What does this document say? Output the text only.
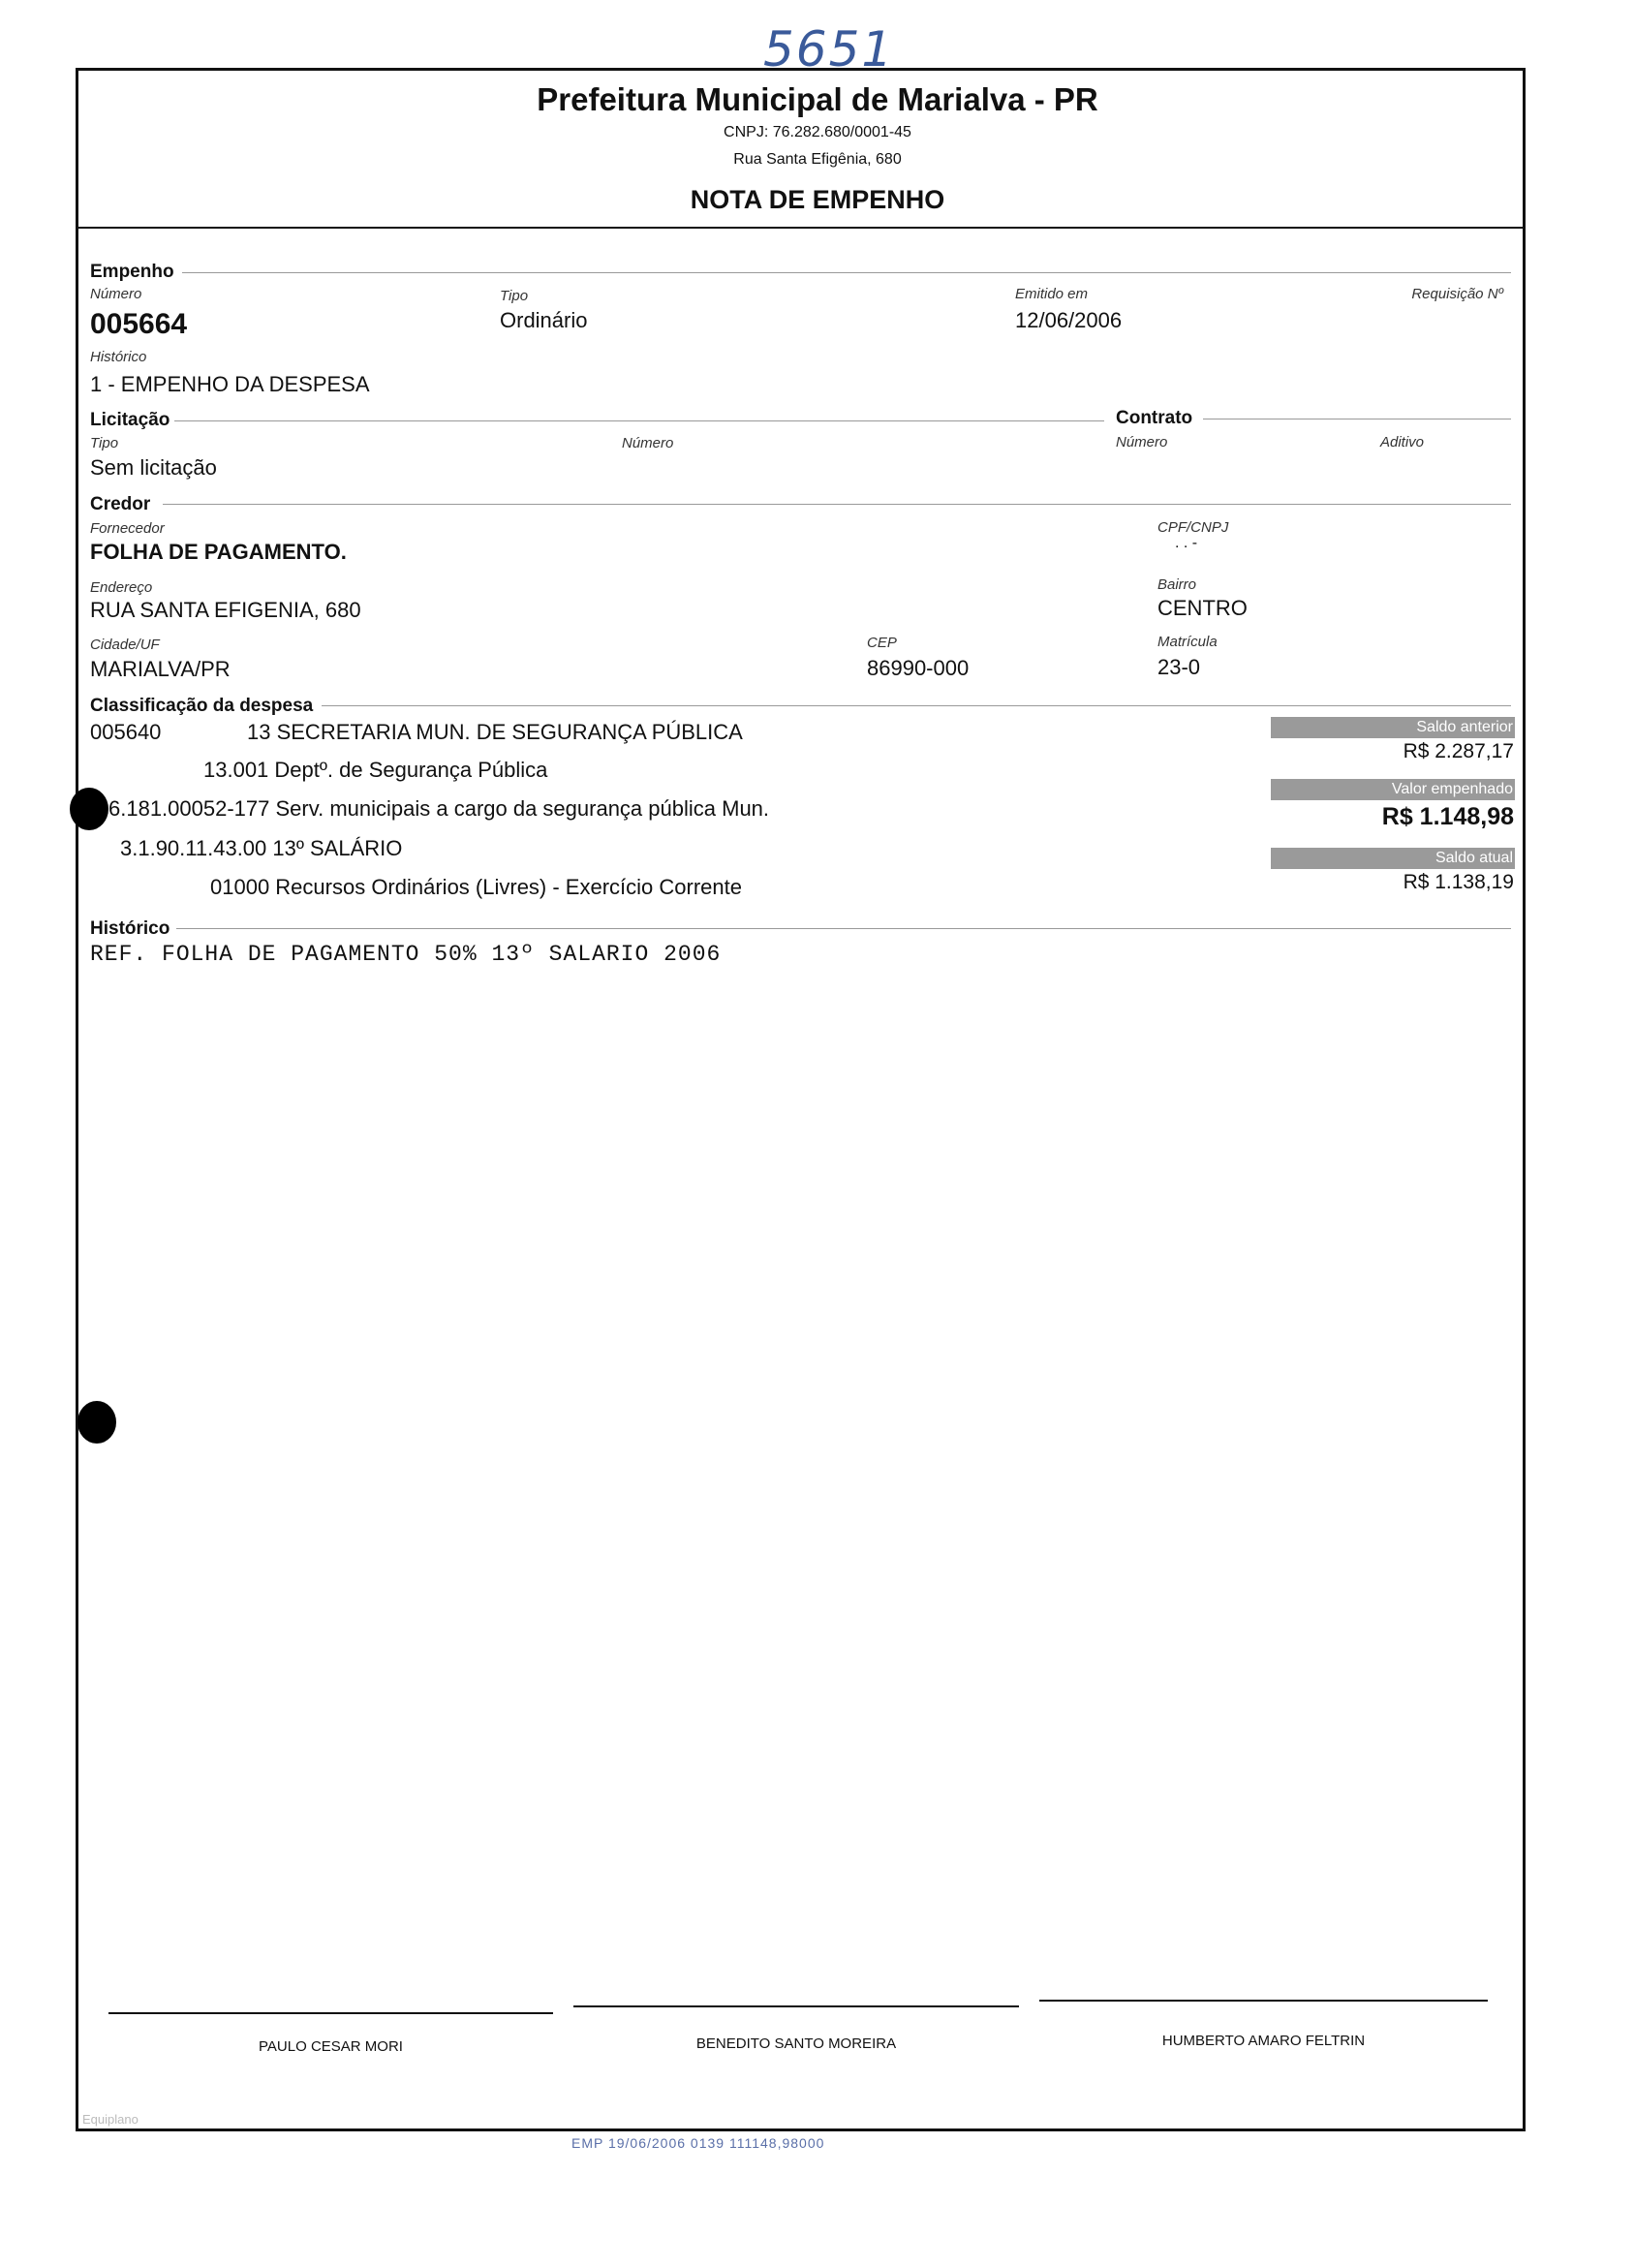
5651
Prefeitura Municipal de Marialva - PR
CNPJ: 76.282.680/0001-45
Rua Santa Efigênia, 680
NOTA DE EMPENHO
Empenho
Número
005664
Tipo
Ordinário
Emitido em
12/06/2006
Requisição Nº
Histórico
1 - EMPENHO DA DESPESA
Licitação	Contrato
Tipo	Número	Número	Aditivo
Sem licitação
Credor
Fornecedor
FOLHA DE PAGAMENTO.
CPF/CNPJ
. . -
Endereço
RUA SANTA EFIGENIA, 680
Bairro
CENTRO
Cidade/UF
MARIALVA/PR
CEP
86990-000
Matrícula
23-0
Classificação da despesa
005640	13 SECRETARIA MUN. DE SEGURANÇA PÚBLICA
13.001 Deptº. de Segurança Pública
6.181.00052-177 Serv. municipais a cargo da segurança pública Mun.
3.1.90.11.43.00 13º SALÁRIO
01000 Recursos Ordinários (Livres) - Exercício Corrente
Saldo anterior
R$ 2.287,17
Valor empenhado
R$ 1.148,98
Saldo atual
R$ 1.138,19
Histórico
REF. FOLHA DE PAGAMENTO 50% 13º SALARIO 2006
PAULO CESAR MORI	BENEDITO SANTO MOREIRA	HUMBERTO AMARO FELTRIN
Equiplano
EMP 19/06/2006 0139 111148,98000
